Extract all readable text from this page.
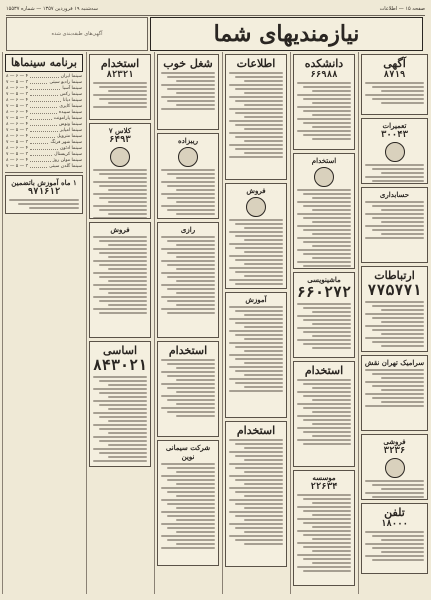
سه‌شنبه ۱۹ فروردین ۱۳۵۷ — شماره ۱۵۵۳۷	صفحه ۱۵ — اطلاعات
آگهی‌های طبقه‌بندی شده	نیازمندیهای شما
برنامه سینماها
سینما ایران
۴ — ۶ — ۸
سینما رادیو سیتی
۳ — ۵ — ۷
سینما آسیا
۴ — ۶ — ۸
سینما رکس
۳ — ۵ — ۷
سینما دیانا
۴ — ۶ — ۸
سینما کاپری
۳ — ۵ — ۷
سینما سپیده
۴ — ۶ — ۸
سینما پارامونت
۳ — ۵ — ۷
سینما ونوس
۴ — ۶ — ۸
سینما امپایر
۳ — ۵ — ۷
سینما متروپل
۴ — ۶ — ۸
سینما شهر فرنگ
۳ — ۵ — ۷
سینما ادئون
۴ — ۶ — ۸
سینما کریستال
۳ — ۵ — ۷
سینما مولن روژ
۴ — ۶ — ۸
سینما گلدن سیتی
۳ — ۵ — ۷
۱ ماه آموزش باتضمین
۹۷۱۶۱۲
استخدام
۸۲۳۲۱
کلاس ۷
۶۴۹۳
فروش
اساسی
۸۴۳۰۲۱
شغل خوب
ریبزاده
رازی
استخدام
شرکت سیمانی نوین
اطلاعات
فروش
آموزش
استخدام
دانشکده
۶۶۹۸۸
استخدام
ماشینویسی
۶۶۰۲۷۲
استخدام
موسسه
۲۲۶۳۴
آگهی
۸۷۱۹
تعمیرات
۳۰۰۴۳
حسابداری
ارتباطات
۷۷۵۷۷۱
سرامیک تهران نقش
فروشی
۳۲۳۶
تلفن
۱۸۰۰۰
